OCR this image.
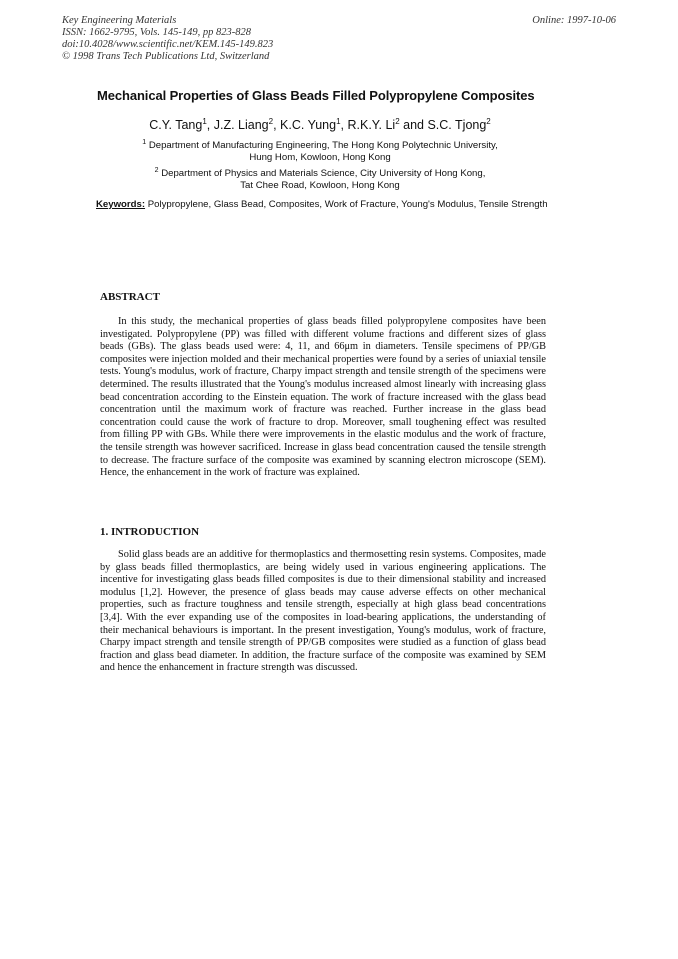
Key Engineering Materials
ISSN: 1662-9795, Vols. 145-149, pp 823-828
doi:10.4028/www.scientific.net/KEM.145-149.823
© 1998 Trans Tech Publications Ltd, Switzerland
Online: 1997-10-06
Mechanical Properties of Glass Beads Filled Polypropylene Composites
C.Y. Tang$^1$, J.Z. Liang$^2$, K.C. Yung$^1$, R.K.Y. Li$^2$ and S.C. Tjong$^2$
$^1$ Department of Manufacturing Engineering, The Hong Kong Polytechnic University,
Hung Hom, Kowloon, Hong Kong
$^2$ Department of Physics and Materials Science, City University of Hong Kong,
Tat Chee Road, Kowloon, Hong Kong
Keywords: Polypropylene, Glass Bead, Composites, Work of Fracture, Young's Modulus, Tensile Strength
ABSTRACT
In this study, the mechanical properties of glass beads filled polypropylene composites have been investigated. Polypropylene (PP) was filled with different volume fractions and different sizes of glass beads (GBs). The glass beads used were: 4, 11, and 66μm in diameters. Tensile specimens of PP/GB composites were injection molded and their mechanical properties were found by a series of uniaxial tensile tests. Young's modulus, work of fracture, Charpy impact strength and tensile strength of the specimens were determined. The results illustrated that the Young's modulus increased almost linearly with increasing glass bead concentration according to the Einstein equation. The work of fracture increased with the glass bead concentration until the maximum work of fracture was reached. Further increase in the glass bead concentration could cause the work of fracture to drop. Moreover, small toughening effect was resulted from filling PP with GBs. While there were improvements in the elastic modulus and the work of fracture, the tensile strength was however sacrificed. Increase in glass bead concentration caused the tensile strength to decrease. The fracture surface of the composite was examined by scanning electron microscope (SEM). Hence, the enhancement in the work of fracture was explained.
1. INTRODUCTION
Solid glass beads are an additive for thermoplastics and thermosetting resin systems. Composites, made by glass beads filled thermoplastics, are being widely used in various engineering applications. The incentive for investigating glass beads filled composites is due to their dimensional stability and increased modulus [1,2]. However, the presence of glass beads may cause adverse effects on other mechanical properties, such as fracture toughness and tensile strength, especially at high glass bead concentrations [3,4]. With the ever expanding use of the composites in load-bearing applications, the understanding of their mechanical behaviours is important. In the present investigation, Young's modulus, work of fracture, Charpy impact strength and tensile strength of PP/GB composites were studied as a function of glass bead fraction and glass bead diameter. In addition, the fracture surface of the composite was examined by SEM and hence the enhancement in fracture strength was discussed.
